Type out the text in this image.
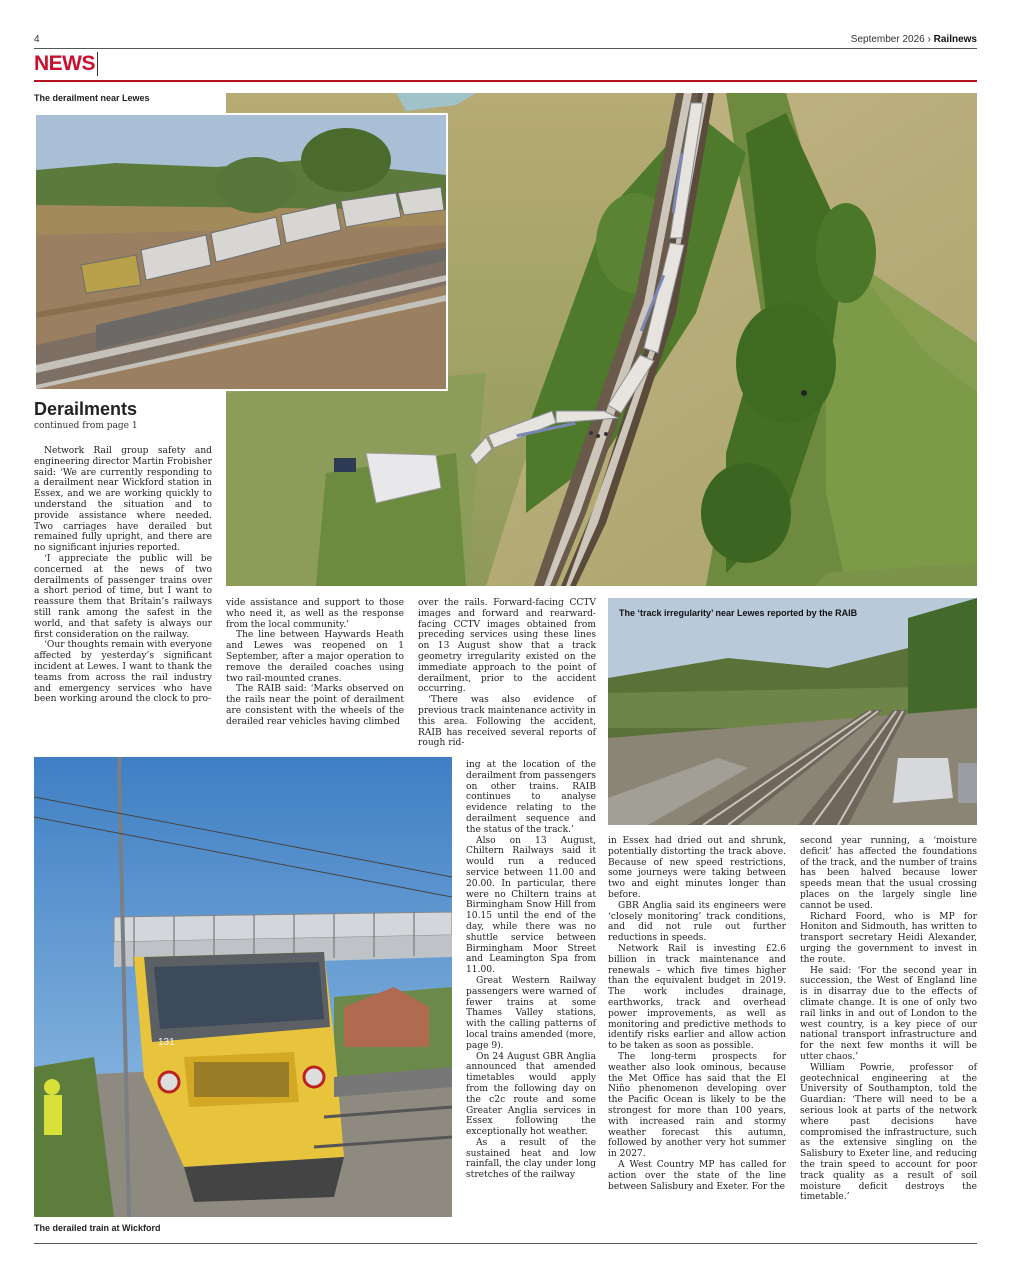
4	September 2026 › Railnews
NEWS
The derailment near Lewes
Derailments
continued from page 1

Network Rail group safety and engineering director Martin Frobisher said: ‘We are currently responding to a derailment near Wickford station in Essex, and we are working quickly to understand the situation and to provide assistance where needed. Two carriages have derailed but remained fully upright, and there are no significant injuries reported.

‘I appreciate the public will be concerned at the news of two derailments of passenger trains over a short period of time, but I want to reassure them that Britain’s railways still rank among the safest in the world, and that safety is always our first consideration on the railway.

‘Our thoughts remain with everyone affected by yesterday’s significant incident at Lewes. I want to thank the teams from across the rail industry and emergency services who have been working around the clock to pro-

vide assistance and support to those who need it, as well as the response from the local community.’

The line between Haywards Heath and Lewes was reopened on 1 September, after a major operation to remove the derailed coaches using two rail-mounted cranes.

The RAIB said: ‘Marks observed on the rails near the point of derailment are consistent with the wheels of the derailed rear vehicles having climbed

over the rails. Forward-facing CCTV images and forward and rearward-facing CCTV images obtained from preceding services using these lines on 13 August show that a track geometry irregularity existed on the immediate approach to the point of derailment, prior to the accident occurring.

‘There was also evidence of previous track maintenance activity in this area. Following the accident, RAIB has received several reports of rough rid-

ing at the location of the derailment from passengers on other trains. RAIB continues to analyse evidence relating to the derailment sequence and the status of the track.’

Also on 13 August, Chiltern Railways said it would run a reduced service between 11.00 and 20.00. In particular, there were no Chiltern trains at Birmingham Snow Hill from 10.15 until the end of the day, while there was no shuttle service between Birmingham Moor Street and Leamington Spa from 11.00.

Great Western Railway passengers were warned of fewer trains at some Thames Valley stations, with the calling patterns of local trains amended (more, page 9).

On 24 August GBR Anglia announced that amended timetables would apply from the following day on the c2c route and some Greater Anglia services in Essex following the exceptionally hot weather.

As a result of the sustained heat and low rainfall, the clay under long stretches of the railway

131
The derailed train at Wickford
The ‘track irregularity’ near Lewes reported by the RAIB

in Essex had dried out and shrunk, potentially distorting the track above. Because of new speed restrictions, some journeys were taking between two and eight minutes longer than before.

GBR Anglia said its engineers were ‘closely monitoring’ track conditions, and did not rule out further reductions in speeds.

Network Rail is investing £2.6 billion in track maintenance and renewals – which five times higher than the equivalent budget in 2019. The work includes drainage, earthworks, track and overhead power improvements, as well as monitoring and predictive methods to identify risks earlier and allow action to be taken as soon as possible.

The long-term prospects for weather also look ominous, because the Met Office has said that the El Niño phenomenon developing over the Pacific Ocean is likely to be the strongest for more than 100 years, with increased rain and stormy weather forecast this autumn, followed by another very hot summer in 2027.

A West Country MP has called for action over the state of the line between Salisbury and Exeter. For the

second year running, a ‘moisture deficit’ has affected the foundations of the track, and the number of trains has been halved because lower speeds mean that the usual crossing places on the largely single line cannot be used.

Richard Foord, who is MP for Honiton and Sidmouth, has written to transport secretary Heidi Alexander, urging the government to invest in the route.

He said: ‘For the second year in succession, the West of England line is in disarray due to the effects of climate change. It is one of only two rail links in and out of London to the west country, is a key piece of our national transport infrastructure and for the next few months it will be utter chaos.’

William Powrie, professor of geotechnical engineering at the University of Southampton, told the Guardian: ‘There will need to be a serious look at parts of the network where past decisions have compromised the infrastructure, such as the extensive singling on the Salisbury to Exeter line, and reducing the train speed to account for poor track quality as a result of soil moisture deficit destroys the timetable.’
